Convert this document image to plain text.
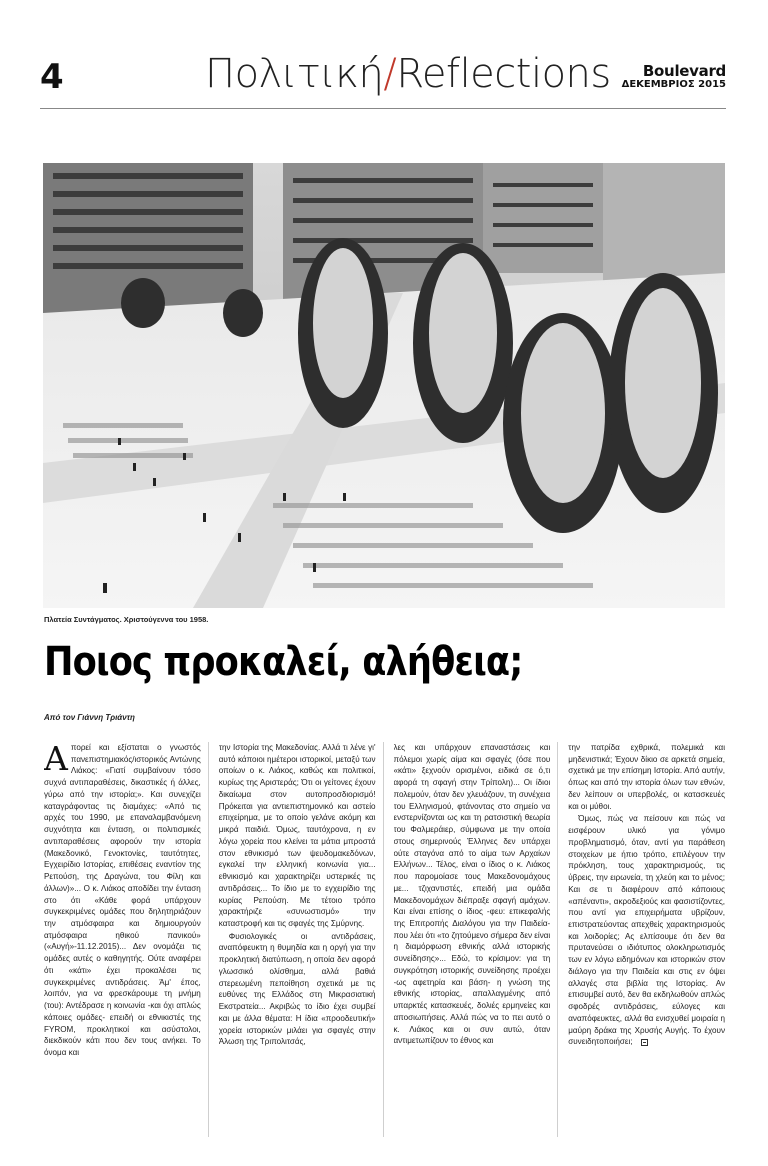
4	Πολιτική/Reflections	Boulevard
ΔΕΚΕΜΒΡΙΟΣ 2015
Πλατεία Συντάγματος. Χριστούγεννα του 1958.
Ποιος προκαλεί, αλήθεια;
Από τον Γιάννη Τριάντη

Απορεί και εξίσταται ο γνωστός πανεπιστημιακός/ιστορικός Αντώνης Λιάκος: «Γιατί συμβαίνουν τόσο συχνά αντιπαραθέσεις, δικαστικές ή άλλες, γύρω από την ιστορία;». Και συνεχίζει καταγράφοντας τις διαμάχες: «Από τις αρχές του 1990, με επαναλαμβανόμενη συχνότητα και ένταση, οι πολιτισμικές αντιπαραθέσεις αφορούν την ιστορία (Μακεδονικό, Γενοκτονίες, ταυτότητες, Εγχειρίδιο Ιστορίας, επιθέσεις εναντίον της Ρεπούση, της Δραγώνα, του Φίλη και άλλων)»... Ο κ. Λιάκος αποδίδει την ένταση στο ότι «Κάθε φορά υπάρχουν συγκεκριμένες ομάδες που δηλητηριάζουν την ατμόσφαιρα και δημιουργούν ατμόσφαιρα ηθικού πανικού» («Αυγή»-11.12.2015)... Δεν ονομάζει τις ομάδες αυτές ο καθηγητής. Ούτε αναφέρει ότι «κάτι» έχει προκαλέσει τις συγκεκριμένες αντιδράσεις. Άμ' έπος, λοιπόν, για να φρεσκάρουμε τη μνήμη (του): Αντέδρασε η κοινωνία -και όχι απλώς κάποιες ομάδες- επειδή οι εθνικιστές της FYROM, προκλητικοί και ασύστολοι, διεκδικούν κάτι που δεν τους ανήκει. Το όνομα και

την Ιστορία της Μακεδονίας. Αλλά τι λένε γι' αυτό κάποιοι ημέτεροι ιστορικοί, μεταξύ των οποίων ο κ. Λιάκος, καθώς και πολιτικοί, κυρίως της Αριστεράς; Ότι οι γείτονες έχουν δικαίωμα στον αυτοπροσδιορισμό! Πρόκειται για αντιεπιστημονικό και αστείο επιχείρημα, με το οποίο γελάνε ακόμη και μικρά παιδιά. Όμως, ταυτόχρονα, η εν λόγω χορεία που κλείνει τα μάτια μπροστά στον εθνικισμό των ψευδομακεδόνων, εγκαλεί την ελληνική κοινωνία για... εθνικισμό και χαρακτηρίζει υστερικές τις αντιδράσεις... Το ίδιο με το εγχειρίδιο της κυρίας Ρεπούση. Με τέτοιο τρόπο χαρακτήριζε «συνωστισμό» την καταστροφή και τις σφαγές της Σμύρνης.

Φυσιολογικές οι αντιδράσεις, αναπόφευκτη η θυμηδία και η οργή για την προκλητική διατύπωση, η οποία δεν αφορά γλωσσικό ολίσθημα, αλλά βαθιά στερεωμένη πεποίθηση σχετικά με τις ευθύνες της Ελλάδος στη Μικρασιατική Εκστρατεία... Ακριβώς το ίδιο έχει συμβεί και με άλλα θέματα: Η ίδια «προοδευτική» χορεία ιστορικών μιλάει για σφαγές στην Άλωση της Τριπολιτσάς,

λες και υπάρχουν επαναστάσεις και πόλεμοι χωρίς αίμα και σφαγές (όσε που «κάτι» ξεχνούν ορισμένοι, ειδικά σε ό,τι αφορά τη σφαγή στην Τρίπολη)... Οι ίδιοι πολεμούν, όταν δεν χλευάζουν, τη συνέχεια του Ελληνισμού, φτάνοντας στο σημείο να ενστερνίζονται ως και τη ρατσιστική θεωρία του Φαλμεράιερ, σύμφωνα με την οποία στους σημερινούς Έλληνες δεν υπάρχει ούτε σταγόνα από το αίμα των Αρχαίων Ελλήνων... Τέλος, είναι ο ίδιος ο κ. Λιάκος που παρομοίασε τους Μακεδονομάχους με... τζιχαντιστές, επειδή μια ομάδα Μακεδονομάχων διέπραξε σφαγή αμάχων. Και είναι επίσης ο ίδιος -φευ: επικεφαλής της Επιτροπής Διαλόγου για την Παιδεία- που λέει ότι «το ζητούμενο σήμερα δεν είναι η διαμόρφωση εθνικής αλλά ιστορικής συνείδησης»... Εδώ, το κρίσιμον: για τη συγκρότηση ιστορικής συνείδησης προέχει -ως αφετηρία και βάση- η γνώση της εθνικής ιστορίας, απαλλαγμένης από υπαρκτές κατασκευές, δολιές ερμηνείες και αποσιωπήσεις. Αλλά πώς να το πει αυτό ο κ. Λιάκος και οι συν αυτώ, όταν αντιμετωπίζουν το έθνος και

την πατρίδα εχθρικά, πολεμικά και μηδενιστικά; Έχουν δίκιο σε αρκετά σημεία, σχετικά με την επίσημη Ιστορία. Από αυτήν, όπως και από την ιστορία όλων των εθνών, δεν λείπουν οι υπερβολές, οι κατασκευές και οι μύθοι.

Όμως, πώς να πείσουν και πώς να εισφέρουν υλικό για γόνιμο προβληματισμό, όταν, αντί για παράθεση στοιχείων με ήπιο τρόπο, επιλέγουν την πρόκληση, τους χαρακτηρισμούς, τις ύβρεις, την ειρωνεία, τη χλεύη και το μένος; Και σε τι διαφέρουν από κάποιους «απέναντι», ακροδεξιούς και φασιστίζοντες, που αντί για επιχειρήματα υβρίζουν, επιστρατεύοντας απεχθείς χαρακτηρισμούς και λοιδορίες; Ας ελπίσουμε ότι δεν θα πρυτανεύσει ο ιδιότυπος ολοκληρωτισμός των εν λόγω ειδημόνων και ιστορικών στον διάλογο για την Παιδεία και στις εν όψει αλλαγές στα βιβλία της Ιστορίας. Αν επισυμβεί αυτό, δεν θα εκδηλωθούν απλώς σφοδρές αντιδράσεις, εύλογες και αναπόφευκτες, αλλά θα ενισχυθεί μοιραία η μαύρη δράκα της Χρυσής Αυγής. Το έχουν συνειδητοποιήσει;
